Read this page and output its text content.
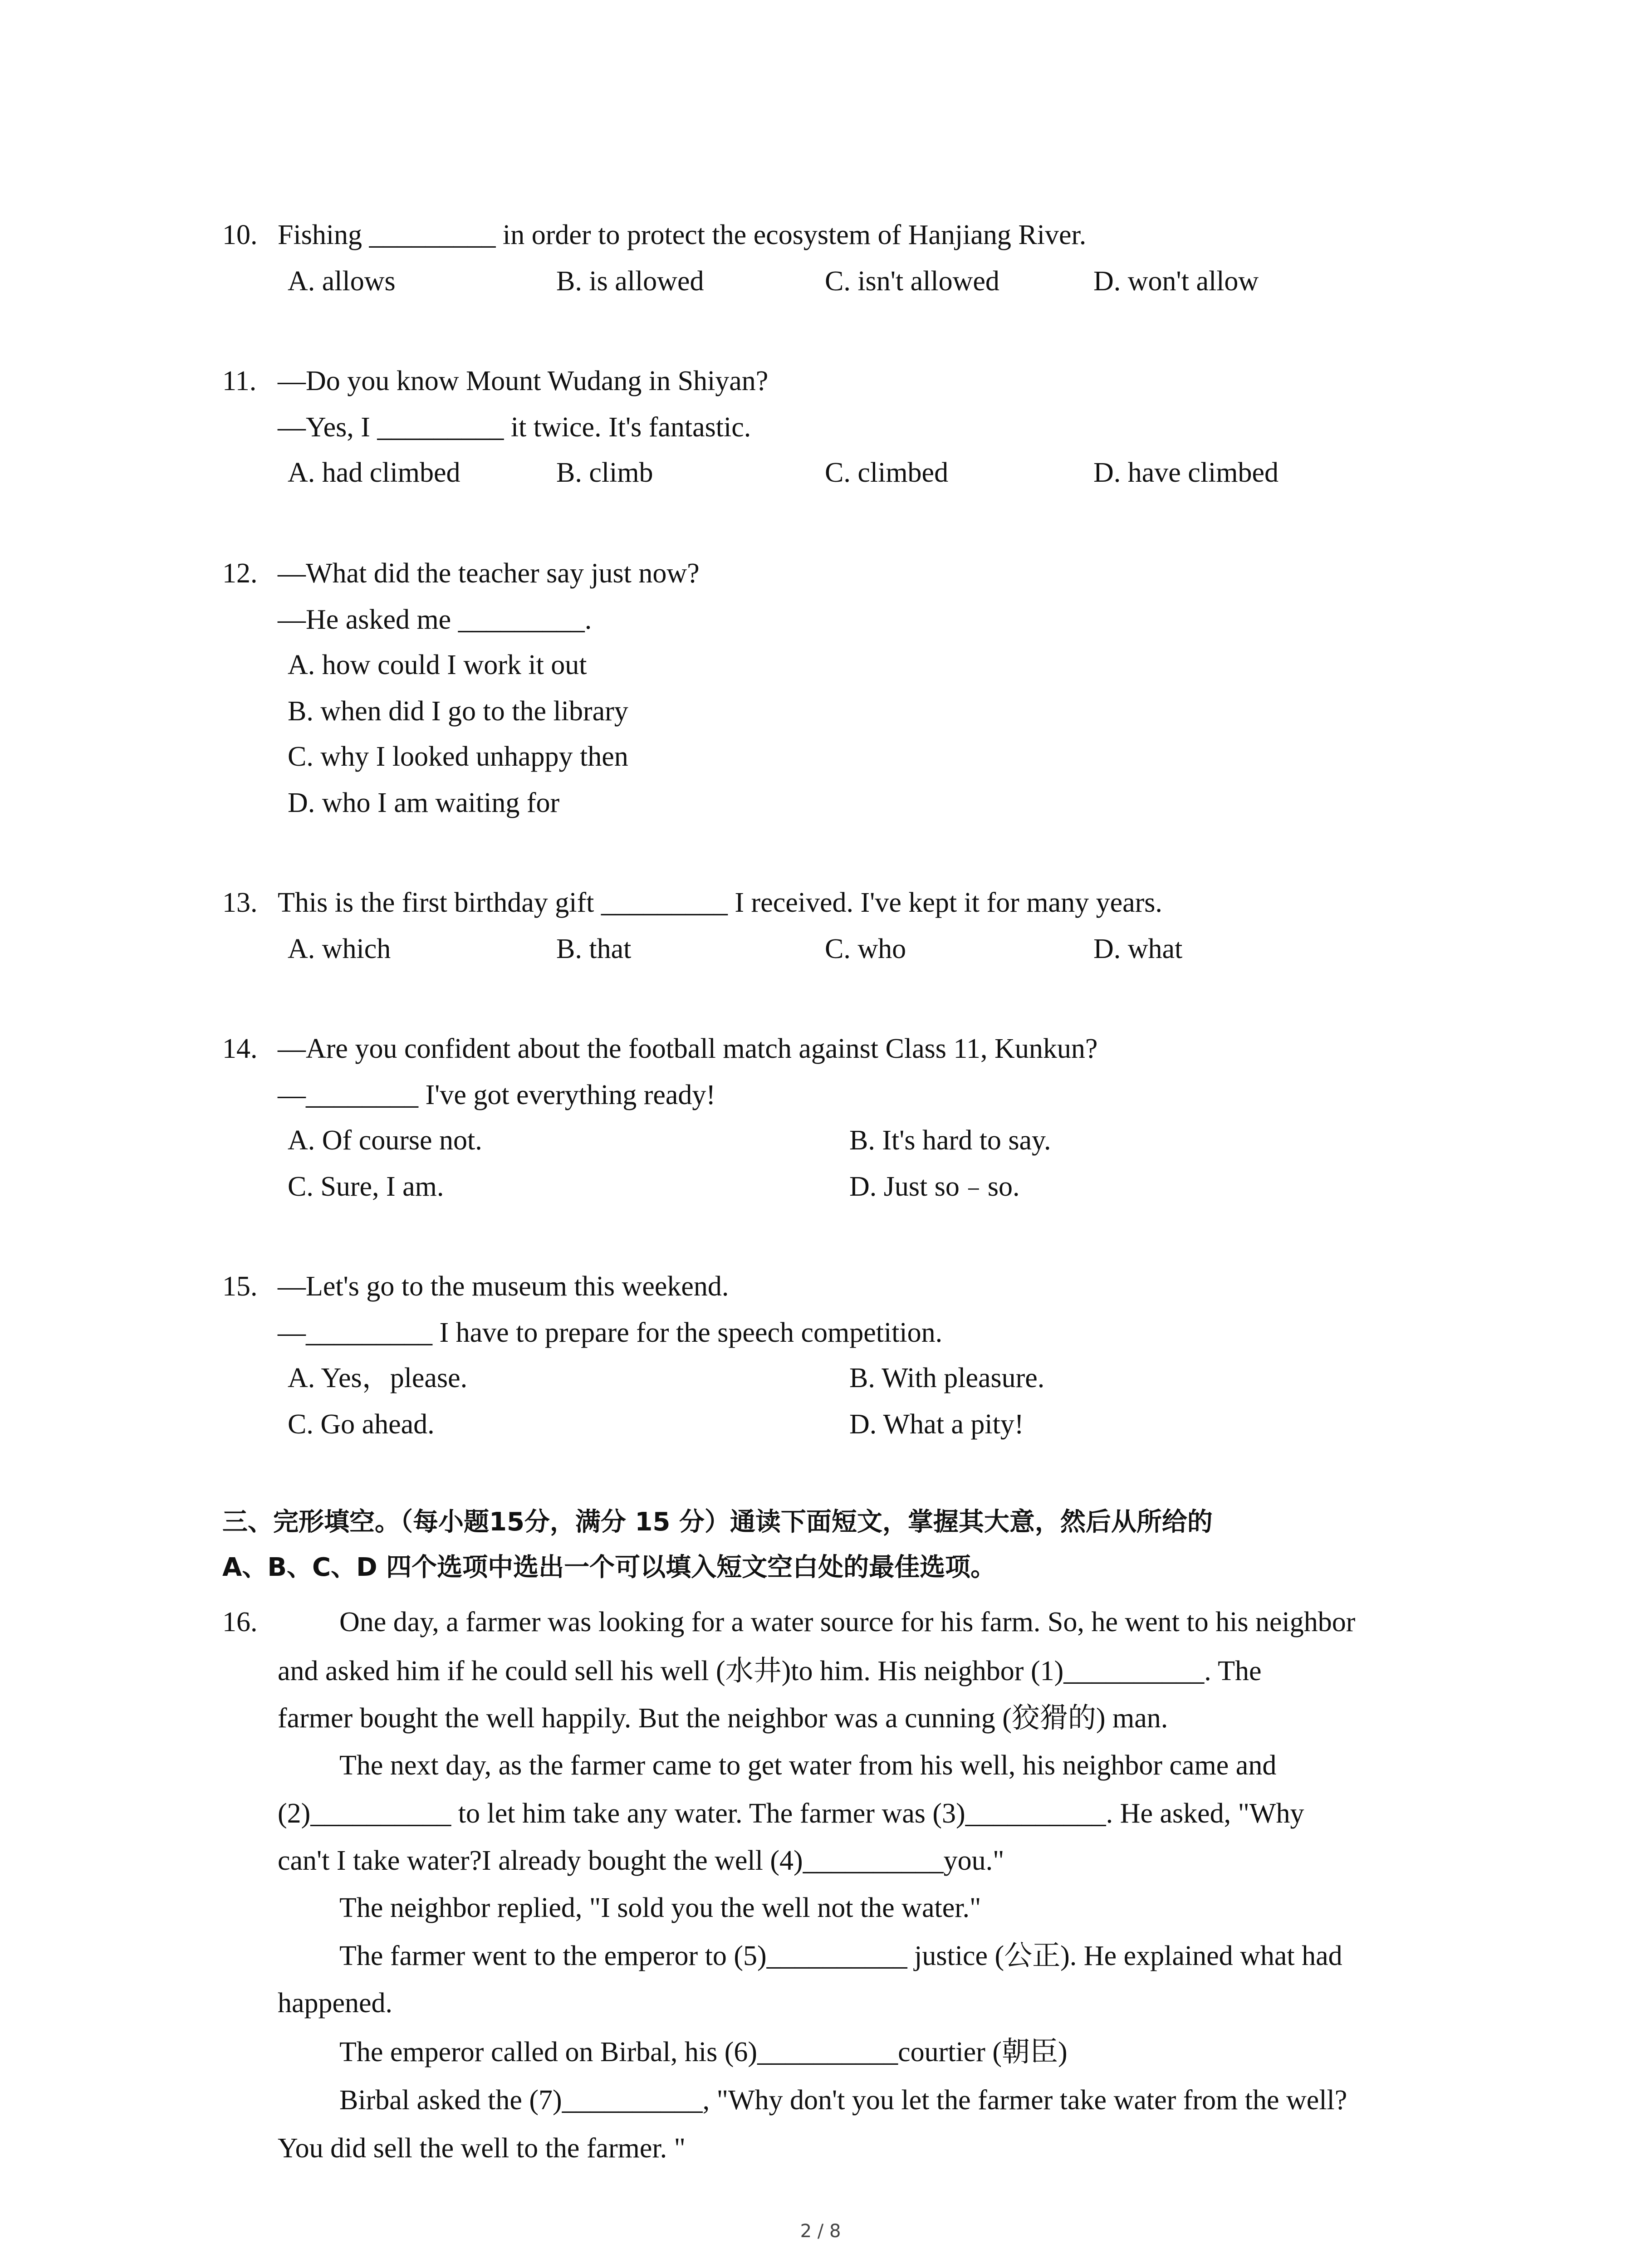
10. Fishing _________ in order to protect the ecosystem of Hanjiang River.
A. allows	B. is allowed	C. isn't allowed	D. won't allow
11. —Do you know Mount Wudang in Shiyan?
—Yes, I _________ it twice. It's fantastic.
A. had climbed	B. climb	C. climbed	D. have climbed
12. —What did the teacher say just now?
—He asked me _________.
A. how could I work it out
B. when did I go to the library
C. why I looked unhappy then
D. who I am waiting for
13. This is the first birthday gift _________ I received. I've kept it for many years.
A. which	B. that	C. who	D. what
14. —Are you confident about the football match against Class 11, Kunkun?
—________ I've got everything ready!
A. Of course not.	B. It's hard to say.
C. Sure, I am.	D. Just so﹣so.
15. —Let's go to the museum this weekend.
—_________ I have to prepare for the speech competition.
A. Yes，please.	B. With pleasure.
C. Go ahead.	D. What a pity!
三、完形填空。（每小题15分，满分 15 分）通读下面短文，掌握其大意，然后从所给的
A、B、C、D 四个选项中选出一个可以填入短文空白处的最佳选项。
16.	One day, a farmer was looking for a water source for his farm. So, he went to his neighbor
and asked him if he could sell his well (水井)to him. His neighbor (1)__________. The
farmer bought the well happily. But the neighbor was a cunning (狡猾的) man.
The next day, as the farmer came to get water from his well, his neighbor came and
(2)__________ to let him take any water. The farmer was (3)__________. He asked, "Why
can't I take water?I already bought the well (4)__________you."
The neighbor replied, "I sold you the well not the water."
The farmer went to the emperor to (5)__________ justice (公正). He explained what had
happened.
The emperor called on Birbal, his (6)__________courtier (朝臣)
Birbal asked the (7)__________, "Why don't you let the farmer take water from the well?
You did sell the well to the farmer. "
2 / 8
